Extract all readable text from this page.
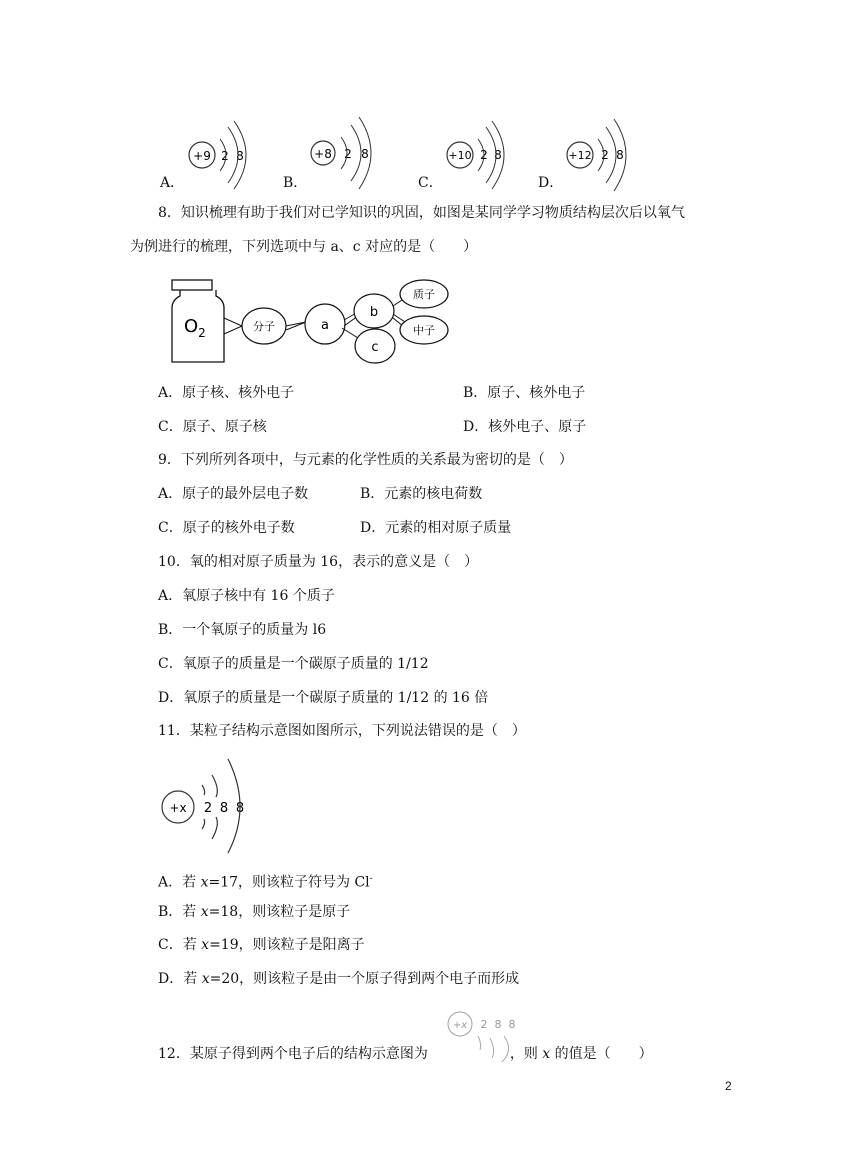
A．
+9 2 8
B．
+8 2 8
C．
+10 2 8
D．
+12 2 8
8．知识梳理有助于我们对已学知识的巩固，如图是某同学学习物质结构层次后以氧气
为例进行的梳理，下列选项中与 a、c 对应的是（　　）
$O_2$	分子	a
b
c
质子
中子
A．原子核、核外电子	B．原子、核外电子
C．原子、原子核	D．核外电子、原子
9．下列所列各项中，与元素的化学性质的关系最为密切的是（　）
A．原子的最外层电子数	B．元素的核电荷数
C．原子的核外电子数	D．元素的相对原子质量
10．氧的相对原子质量为 16，表示的意义是（　）
A．氧原子核中有 16 个质子
B．一个氧原子的质量为 l6
C．氧原子的质量是一个碳原子质量的 1/12
D．氧原子的质量是一个碳原子质量的 1/12 的 16 倍
11．某粒子结构示意图如图所示，下列说法错误的是（　）
+x 2 8 8
A．若 x=17，则该粒子符号为 Cl-
B．若 x=18，则该粒子是原子
C．若 x=19，则该粒子是阳离子
D．若 x=20，则该粒子是由一个原子得到两个电子而形成
12．某原子得到两个电子后的结构示意图为	，则 x 的值是（　　）
+x 2 8 8
2
